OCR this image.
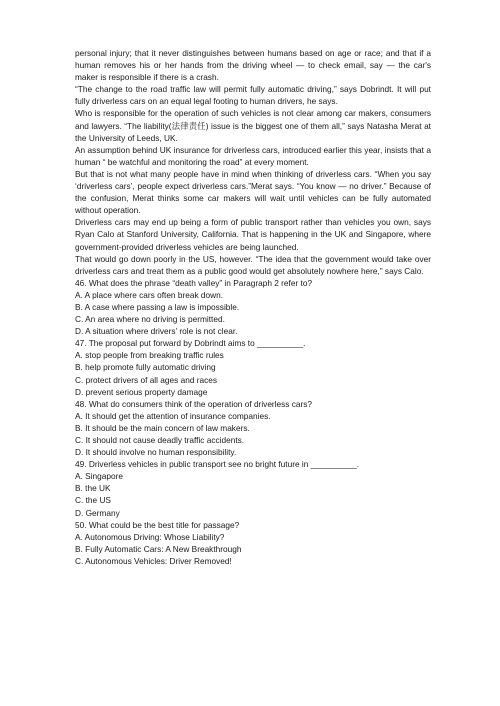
personal injury; that it never distinguishes between humans based on age or race; and that if a human removes his or her hands from the driving wheel — to check email, say — the car's maker is responsible if there is a crash.

“The change to the road traffic law will permit fully automatic driving,” says Dobrindt. It will put fully driverless cars on an equal legal footing to human drivers, he says.

Who is responsible for the operation of such vehicles is not clear among car makers, consumers and lawyers. “The liability(法律责任) issue is the biggest one of them all,” says Natasha Merat at the University of Leeds, UK.

An assumption behind UK insurance for driverless cars, introduced earlier this year, insists that a human “ be watchful and monitoring the road” at every moment.

But that is not what many people have in mind when thinking of driverless cars. “When you say ‘driverless cars’, people expect driverless cars.”Merat says. “You know — no driver.” Because of the confusion, Merat thinks some car makers will wait until vehicles can be fully automated without operation.

Driverless cars may end up being a form of public transport rather than vehicles you own, says Ryan Calo at Stanford University, California. That is happening in the UK and Singapore, where government-provided driverless vehicles are being launched.

That would go down poorly in the US, however. “The idea that the government would take over driverless cars and treat them as a public good would get absolutely nowhere here,” says Calo.

46. What does the phrase “death valley” in Paragraph 2 refer to?

A. A place where cars often break down.

B. A case where passing a law is impossible.

C. An area where no driving is permitted.

D. A situation where drivers’ role is not clear.

47. The proposal put forward by Dobrindt aims to __________.

A. stop people from breaking traffic rules

B. help promote fully automatic driving

C. protect drivers of all ages and races

D. prevent serious property damage

48. What do consumers think of the operation of driverless cars?

A. It should get the attention of insurance companies.

B. It should be the main concern of law makers.

C. It should not cause deadly traffic accidents.

D. It should involve no human responsibility.

49. Driverless vehicles in public transport see no bright future in __________.

A. Singapore

B. the UK

C. the US

D. Germany

50. What could be the best title for passage?

A. Autonomous Driving: Whose Liability?

B. Fully Automatic Cars: A New Breakthrough

C. Autonomous Vehicles: Driver Removed!
